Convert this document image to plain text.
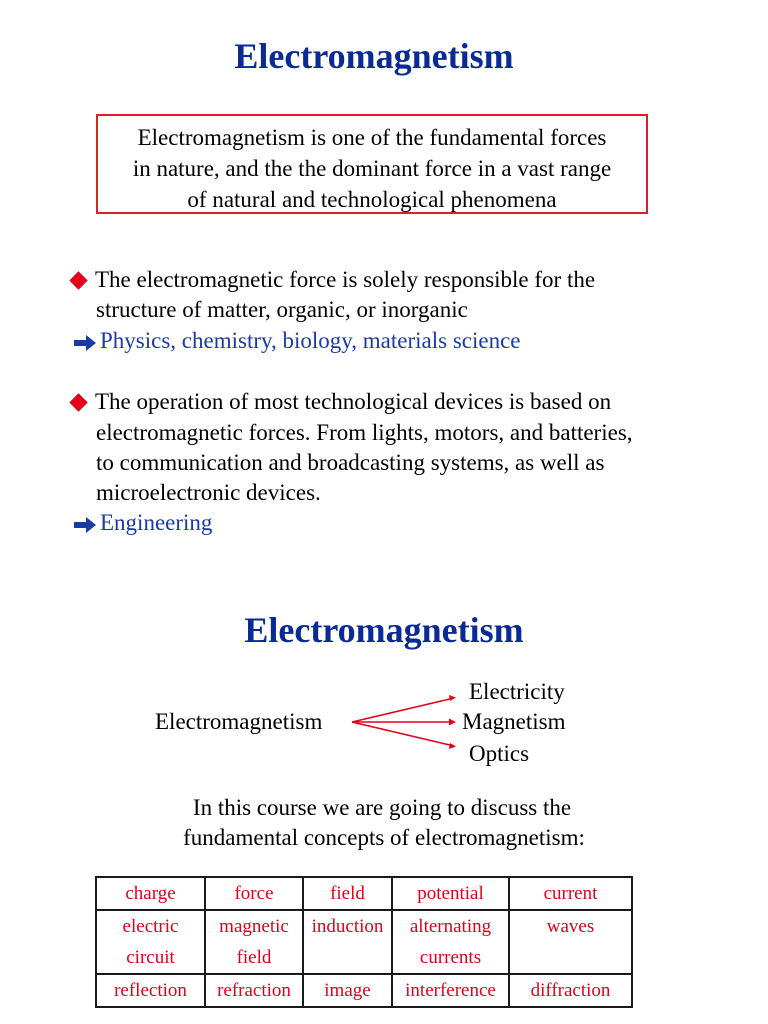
Electromagnetism
Electromagnetism is one of the fundamental forces
in nature, and the the dominant force in a vast range
of natural and technological phenomena
The electromagnetic force is solely responsible for the
structure of matter, organic, or inorganic
Physics, chemistry, biology, materials science
The operation of most technological devices is based on
electromagnetic forces. From lights, motors, and batteries,
to communication and broadcasting systems, as well as
microelectronic devices.
Engineering
Electromagnetism
Electromagnetism
Electricity
Magnetism
Optics
In this course we are going to discuss the
fundamental concepts of electromagnetism:
charge	force	field	potential	current
electric circuit	magnetic field	induction	alternating currents	waves
reflection	refraction	image	interference	diffraction
